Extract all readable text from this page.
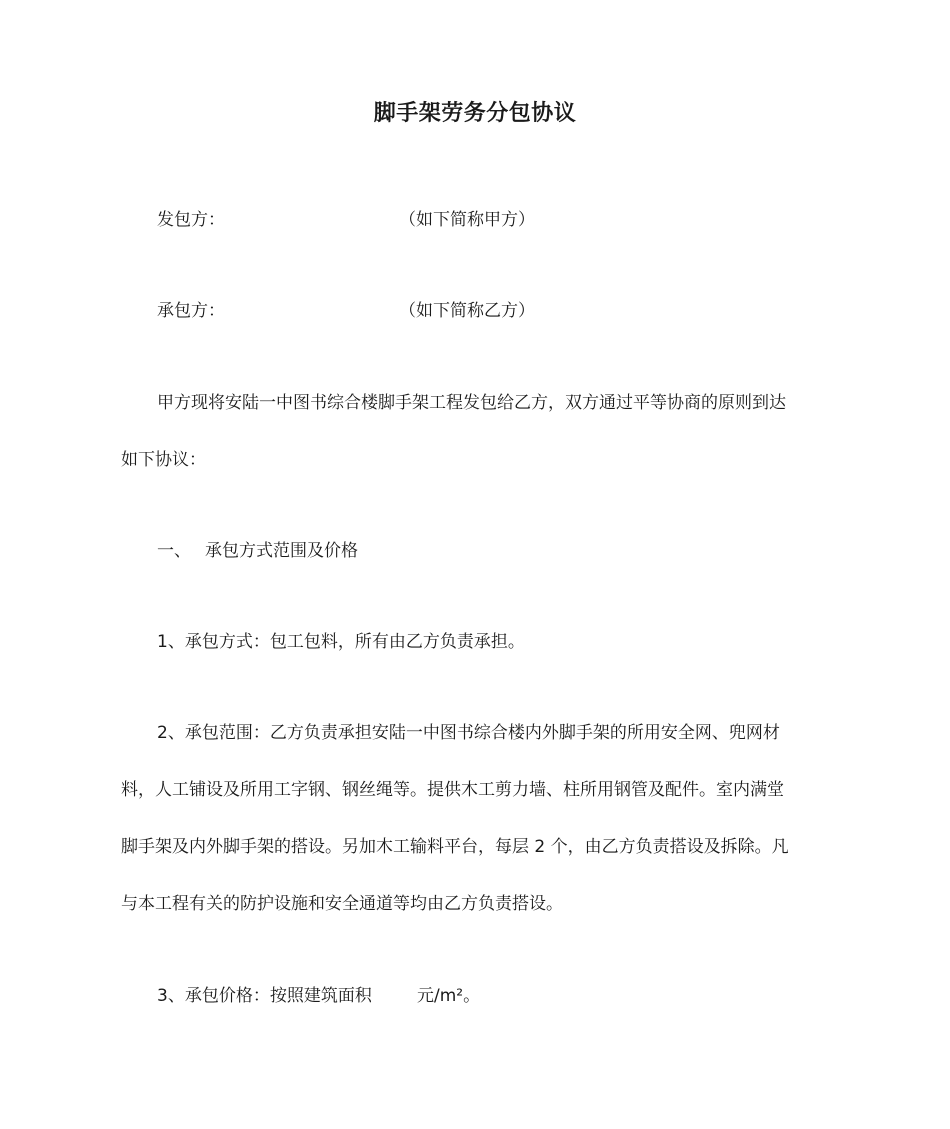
脚手架劳务分包协议
发包方：	（如下简称甲方）
承包方：	（如下简称乙方）
甲方现将安陆一中图书综合楼脚手架工程发包给乙方，双方通过平等协商的原则到达
如下协议：
一、 承包方式范围及价格
1、承包方式：包工包料，所有由乙方负责承担。
2、承包范围：乙方负责承担安陆一中图书综合楼内外脚手架的所用安全网、兜网材
料，人工铺设及所用工字钢、钢丝绳等。提供木工剪力墙、柱所用钢管及配件。室内满堂
脚手架及内外脚手架的搭设。另加木工输料平台，每层 2 个，由乙方负责搭设及拆除。凡
与本工程有关的防护设施和安全通道等均由乙方负责搭设。
3、承包价格：按照建筑面积	元/m²。
